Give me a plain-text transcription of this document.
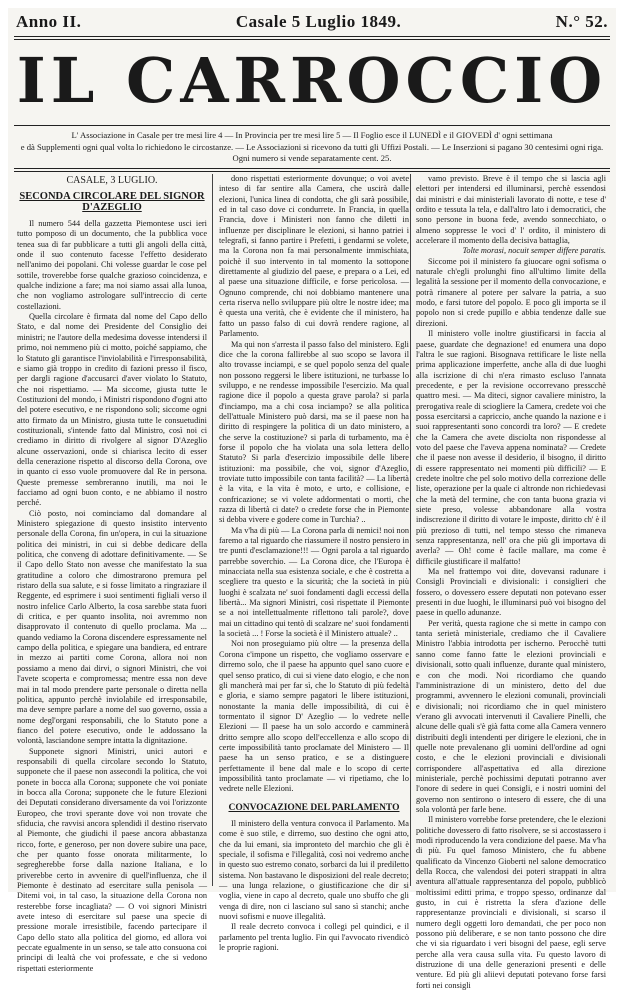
Anno II.	Casale 5 Luglio 1849.	N.° 52.
IL CARROCCIO
L' Associazione in Casale per tre mesi lire 4 — In Provincia per tre mesi lire 5 — Il Foglio esce il LUNEDÌ e il GIOVEDÌ d' ogni settimana
e dà Supplementi ogni qual volta lo richiedono le circostanze. — Le Associazioni si ricevono da tutti gli Uffizi Postali. — Le Inserzioni si pagano 30 centesimi ogni riga.
Ogni numero si vende separatamente cent. 25.
CASALE, 3 LUGLIO.
SECONDA CIRCOLARE DEL SIGNOR D'AZEGLIO

Il numero 544 della gazzetta Piemontese usci ieri tutto pomposo di un documento, che la pubblica voce tenea sua di far pubblicare a tutti gli angoli della città, onde il suo contenuto facesse l'effetto desiderato nell'animo dei popolani. Chi volesse guardar le cose pel sottile, troverebbe forse qualche grazioso coincidenza, e qualche indizione a fare; ma noi siamo assai alla lunoa, che non vogliamo astrologare sull'intreccio di certe costellazioni.

Quella circolare è firmata dal nome del Capo dello Stato, e dal nome dei Presidente del Consiglio dei ministri; ne l'autore della medesima dovesse intendersi il primo, noi nemmeno più ci motto, poiché sappiamo, che lo Statuto gli garantisce l'inviolabilità e l'irresponsabilità, e siamo già troppo in credito di fazioni presso il fisco, per dargli ragione d'accusarci d'aver violato lo Statuto, che noi rispettiamo. — Ma siccome, giusta tutte le Costituzioni del mondo, i Ministri rispondono d'ogni atto del potere esecutivo, e ne rispondono soli; siccome ogni atto firmato da un Ministro, giusta tutte le consuetudini costituzionali, s'intende fatto dal Ministro, così noi ci crediamo in diritto di rivolgere al signor D'Azeglio alcune osservazioni, onde si chiarisca lecito di esser della cenerazione rispetto al discorso della Corona, ove in quanto ci esso vuole promuovere dal Re in persona. Queste premesse sembreranno inutili, ma noi le facciamo ad ogni buon conto, e ne abbiamo il nostro perché.

Ciò posto, noi cominciamo dal domandare al Ministero spiegazione di questo insistito intervento personale della Corona, fin un'opera, in cui la situazione politica dei ministri, in cui si debbe dedicare della politica, che conveng di adottare definitivamente. — Se il Capo dello Stato non avesse che manifestato la sua gratitudine a coloro che dimostrarono premura pel ristaro della sua salute, e si fosse limitato a ringraziare il Reggente, ed esprimere i suoi sentimenti figliali verso il nostro infelice Carlo Alberto, la cosa sarebbe stata fuori di critica, e per quanto insolita, noi avremmo non disapprovato il contenuto di quello proclama. Ma ... quando vediamo la Corona discendere espressamente nel campo della politica, e spiegare una bandiera, ed entrare in mezzo ai partiti come Corona, allora noi non possiamo a meno dai dirvi, o signori Ministri, che voi l'avete scoperta e compromessa; mentre essa non deve mai in tal modo prendere parte personale o diretta nella politica, appunto perchè inviolabile ed irresponsabile, ma deve sempre parlare a nome del suo governo, ossia a nome degl'organi responsabili, che lo Statuto pone a fianco del potere esecutivo, onde le addossano la volontà, lasciandone sempre intatta la dignitazione.

Supponete signori Ministri, unici autori e responsabili di quella circolare secondo lo Statuto, supponete che il paese non assecondi la politica, che voi ponete in bocca alla Corona; supponete che voi poniate in bocca alla Corona; supponete che le future Elezioni dei Deputati considerano diversamente da voi l'orizzonte Europeo, che trovi sperante dove voi non trovate che sfiducia, che ravvisi ancora splendidi il destino riservato al Piemonte, che giudichi il paese ancora abbastanza ricco, forte, e generoso, per non dovere subire una pace, che per quanto fosse onorata militarmente, lo segregherebbe forse dalla nazione Italiana, e lo priverebbe certo in avvenire di quell'influenza, che il Piemonte è destinato ad esercitare sulla penisola — Ditemi voi, in tal caso, la situazione della Corona non resterebbe forse incagliata? — O voi signori Ministri avete inteso di esercitare sul paese una specie di pressione morale irresistibile, facendo partecipare il Capo dello stato alla politica del giorno, ed allora voi peccate egualmente in un senso, se tale atto consuona coi principi di lealtà che voi professate, e che si vedono rispettati esteriormente

dono rispettati esteriormente dovunque; o voi avete inteso di far sentire alla Camera, che uscirà dalle elezioni, l'unica linea di condotta, che gli sarà possibile, ed in tal caso dove ci condurrete. In Francia, in quella Francia, dove i Ministeri non fanno che diletti in influenze per disciplinare le elezioni, si hanno patriei i telegrafi, si fanno partire i Prefetti, i gendarmi se volete, ma la Corona non fa mai personalmente immischiata, poichè il suo intervento in tal momento la sottopone direttamente al giudizio del paese, e prepara o a Lei, ed al paese una situazione difficile, e forse pericolosa. — Ognuno comprende, chi noi dobbiamo mantenere una certa riserva nello sviluppare più oltre le nostre idee; ma è questa una verità, che è evidente che il ministero, ha fatto un passo falso di cui dovrà rendere ragione, al Parlamento.

Ma qui non s'arresta il passo falso del ministero. Egli dice che la corona fallirebbe al suo scopo se lavora il alto trovasse inciampi, e se quel popolo senza del quale non possono reggersi le libere istituzioni, ne turbasse lo sviluppo, e ne rendesse impossibile l'esercizio. Ma qual ragione dice il popolo a questa grave parola? si parla d'inciampo, ma a chi cosa inciampo? se alla politica dell'attuale Ministero può darsi, ma se il paese non ha diritto di respingere la politica di un dato ministero, a che serve la costituzione? si parla di turbamento, ma è forse il popolo che ha violata una sola lettera dello Statuto? Si parla d'esercizio impossibile delle libere istituzioni: ma possibile, che voi, signor d'Azeglio, troviate tutto impossibile con tanta facilità? — La libertà è la vita, e la vita è moto, e urto, e collisione, e confricazione; se vi volete addormentati o morti, che razza di libertà ci date? o credete forse che in Piemonte si debba vivere e godere come in Turchia? ..

Ma v'ha di più — La Corona parla di nemici! noi non faremo a tal riguardo che riassumere il nostro pensiero in tre punti d'esclamazione!!! — Ogni parola a tal riguardo parrebbe soverchio. — La Corona dice, che l'Europa è minacciata nella sua esistenza sociale, e che è costretta a scegliere tra questo e la sicurità; che la società in più luoghi è scalzata ne' suoi fondamenti dagli eccessi della libertà... Ma signori Ministri, così rispettate il Piemonte se a noi intellettualmente riflettono tali parole?, dove mai un cittadino qui tentò di scalzare ne' suoi fondamenti la società ... ! Forse la società è il Ministero attuale? ..

Noi non proseguiamo più oltre — la presenza della Corona c'impone un rispetto, che vogliamo osservare e dirremo solo, che il paese ha appunto quel sano cuore e quel senso pratico, di cui si viene dato elogio, e che non gli mancherà mai per far sì, che lo Statuto di più fedeltà e gloria, e siamo sempre pagatori le libere istituzioni, nonostante la mania delle impossibilità, di cui è tormentato il signor D' Azeglio — lo vedrete nelle Elezioni — Il paese ha un solo accordo e camminerà dritto sempre allo scopo dell'eccellenza e allo scopo di certe impossibilità tanto proclamate del Ministero — Il paese ha un senso pratico, e se a distinguere perfettamente il bene dal male e lo scopo di certe impossibilità tanto proclamate — vi ripetiamo, che lo vedrete nelle Elezioni.

CONVOCAZIONE DEL PARLAMENTO

Il ministero della ventura convoca il Parlamento. Ma come è suo stile, e dirremo, suo destino che ogni atto, che da lui emani, sia impronteto del marchio che gli è speciale, il sofisma e l'illegalità, così noi vedremo anche in questo suo estremo conato, sorbarci da lui il prediletto sistema. Non bastavano le disposizioni del reale decreto; — una lunga relazione, o giustificazione che dir si voglia, viene in capo al decreto, quale uno sbuffo che gli venga di dire, non ci lasciano sul sano sì stanchi; anche nuovi sofismi e nuove illegalità.

Il reale decreto convoca i collegi pel quindici, e il parlamento pel trenta luglio. Fin qui l'avvocato rivendicò le proprie ragioni.

vamo previsto. Breve è il tempo che si lascia agli elettori per intendersi ed illuminarsi, perchè essendosi dai ministri e dai ministeriali lavorato di notte, e tese d' ordito e tessuta la tela, e dall'altro lato i democratici, che sono persone in buona fede, avendo sonnecchiato, o almeno soppresse le voci d' l' ordito, il ministero di accelerare il momento della decisiva battaglia,

Tolte morasi, nocuit semper differe paratis.

Siccome poi il ministero fa giuocare ogni sofisma o naturale ch'egli prolunghi fino all'ultimo limite della legalità la sessione per il momento della convocazione, e potrà rimanere al potere per salvare la patria, a suo modo, e farsi tutore del popolo. E poco gli importa se il popolo non si crede pupillo e abbia tendenze dalle sue direzioni.

Il ministero volle inoltre giustificarsi in faccia al paese, guardate che degnazione! ed enumera una dopo l'altra le sue ragioni. Bisognava rettificare le liste nella prima applicazione imperfette, anche alla di due luoghi alla iscrizione di chi n'era rimasto escluso l'annata precedente, e per la revisione occorrevano presscchè quattro mesi. — Ma diteci, signor cavaliere ministro, la prerogativa reale di sciogliere la Camera, credete voi che possa esercitarsi a capriccio, anche quando la nazione e i suoi rappresentanti sono concordi tra loro? — E credete che la Camera che avete disciolta non rispondesse al voto del paese che l'aveva appena nominata? — Credete che il paese non avesse il desiderio, il bisogno, il diritto di essere rappresentato nei momenti più difficili? — E credete inoltre che pel solo motivo della correzione delle liste, operazione per la quale ci altronde non richiedevasi che la metà del termine, che con tanta buona grazia vi siete preso, volesse abbandonare alla vostra indiscrezione il diritto di votare le imposte, diritto ch' è il più prezioso di tutti, nel tempo stesso che rimaneva senza rappresentanza, nell' ora che più gli importava di averla? — Oh! come è facile mallare, ma come è difficile giustificare il malfatto!

Ma nel frattempo voi dite, dovevansi radunare i Consigli Provinciali e divisionali: i consiglieri che fossero, o dovessero essere deputati non potevano esser presenti in due luoghi, le illuminarsi può voi bisogno del paese in quello adunanze.

Per verità, questa ragione che si mette in campo con tanta serietà ministeriale, crediamo che il Cavaliere Ministro l'abbia introdotta per ischerno. Perocchè tutti sanno come fanno fatte le elezioni provinciali e divisionali, sotto quali influenze, durante qual ministero, e con che modi. Noi ricordiamo che quando l'amministrazione di un ministero, detto del due programmi, avvennero le elezioni comunali, provinciali e divisionali; noi ricordiamo che in quel ministero v'erano gli avvocati intervenuti il Cavaliere Pinelli, che alcune delle quali s'è già fatta come alla Camera vennero distribuiti degli intendenti per dirigere le elezioni, che in quelle note prevalenano gli uomini dell'ordine ad ogni costo, e che le elezioni provinciali e divisionali corrispondere all'aspettativa ed alla direzione ministeriale, perchè pochissimi deputati potranno aver l'onore di sedere in quei Consigli, e i nostri uomini del governo non sentirono o intesero di essere, che di una sola volontà per farle bene.

Il ministero vorrebbe forse pretendere, che le elezioni politiche dovessero di fatto risolvere, se si accostassero i modi riproducendo la vera condizione del paese. Ma v'ha di più. Fu quel famoso Ministero, che fu abbene qualificato da Vincenzo Gioberti nel salone democratico della Rocca, che valendosi dei poteri strappati in altra aventura all'attuale rappresentanza del popolo, pubblicò moltissimi editti prima, e troppo spesso, ordinanze dal gusto, in cui è ristretta la sfera d'azione delle rappresentanze provinciali e divisionali, si scarso il numero degli oggetti loro demandati, che per poco non possono più deliberare, e se non tanto possono che dire che vi sia riguardato i veri bisogni del paese, egli serve perche alla vera causa sulla vita. Fu questo lavoro di distruzione di una delle generazioni presenti e delle venture. Ed più gli aliievi deputati potevano forse farsi forti nei consigli
